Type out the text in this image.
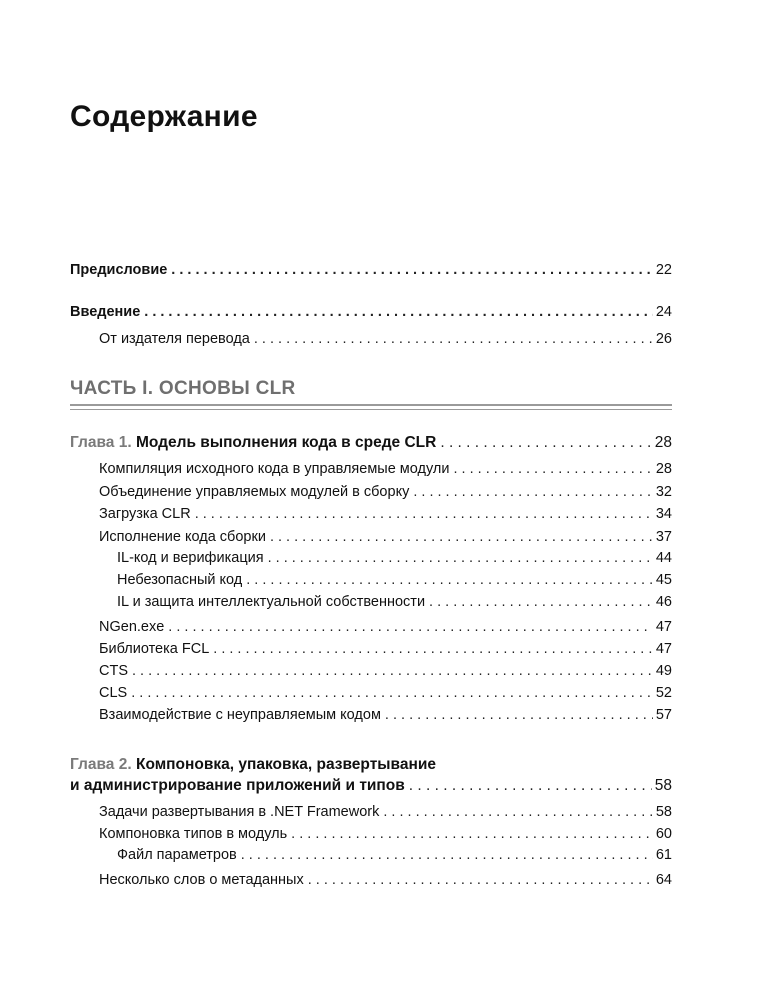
Содержание
Предисловие . . .	22
Введение . . .	24
От издателя перевода . . .	26
ЧАСТЬ I. ОСНОВЫ CLR
Глава 1. Модель выполнения кода в среде CLR . . .	28
Компиляция исходного кода в управляемые модули . . .	28
Объединение управляемых модулей в сборку . . .	32
Загрузка CLR . . .	34
Исполнение кода сборки . . .	37
IL-код и верификация . . .	44
Небезопасный код . . .	45
IL и защита интеллектуальной собственности . . .	46
NGen.exe . . .	47
Библиотека FCL . . .	47
CTS . . .	49
CLS . . .	52
Взаимодействие с неуправляемым кодом . . .	57
Глава 2. Компоновка, упаковка, развертывание
и администрирование приложений и типов . . .	58
Задачи развертывания в .NET Framework . . .	58
Компоновка типов в модуль . . .	60
Файл параметров . . .	61
Несколько слов о метаданных . . .	64
